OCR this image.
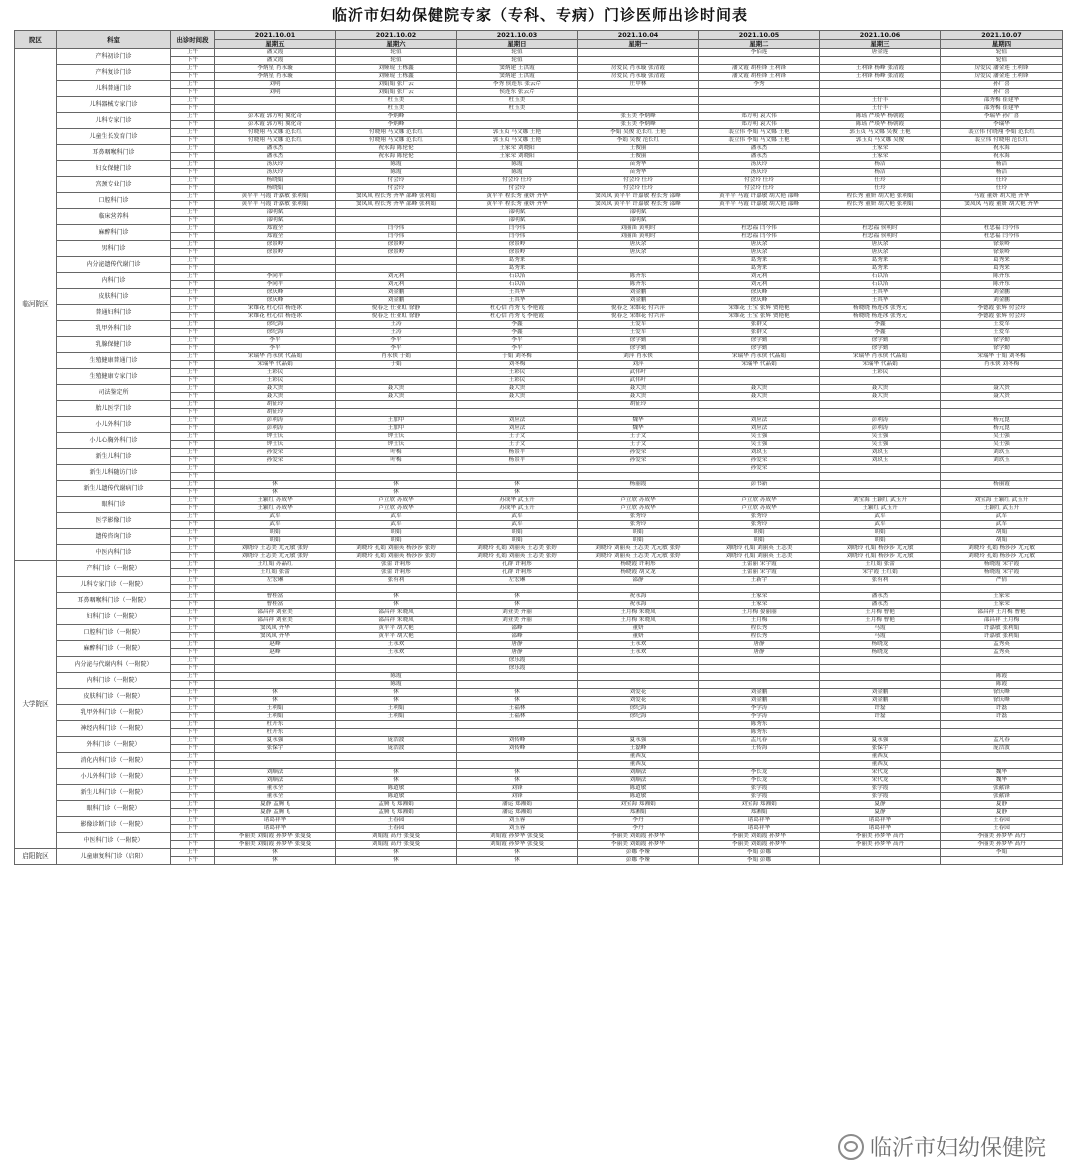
临沂市妇幼保健院专家（专科、专病）门诊医师出诊时间表
院区	科室	出诊时间段	2021.10.01	2021.10.02	2021.10.03	2021.10.04	2021.10.05	2021.10.06	2021.10.07
			星期五	星期六	星期日	星期一	星期二	星期三	星期四
临河院区	产科初诊门诊	上午	潘文霞	轮值	轮值		李佰莲	唐金莲	轮值
		下午	潘文霞	轮值	轮值				轮值
	产科复诊门诊	上午	李炳星 肖永璇	刘娅琨 王栋鑫	窦炳建 王洪霞	房爱民 肖永璇 张清霞	潘文霞 胡桂锋 王利锋	王利锋 杨峰 张清霞	房爱民 潘金莲 王利锋
		下午	李炳星 肖永璇	刘娅琨 王栋鑫	窦炳建 王洪霞	房爱民 肖永璇 张清霞	潘文霞 胡桂锋 王利锋	王利锋 杨峰 张清霞	房爱民 潘金莲 王利锋
	儿科普通门诊	上午	刘明	刘娟娟 张广云	李秀 侯连东 张云芹	庄甲林	李秀		孙广喜
		下午	刘明	刘娟娟 张广云	侯连东 张云芹				孙广喜
	儿科器械专家门诊	上午		杜玉美	杜玉美			王仔丰	邵秀梅 崔建华
		下午		杜玉美	杜玉美			王仔丰	邵秀梅 崔建华
	儿科专家门诊	上午	彭术霞 郭方明 冀化奇	李炳峰		张玉美 李炳峰	郑方明 袁大伟	陈瑶 严琰华 杨朝霞	李瑞华 孙广喜
		下午	彭术霞 郭方明 冀化奇	李炳峰		张玉美 李炳峰	郑方明 袁大伟	陈瑶 严琰华 杨朝霞	李瑞华
	儿童生长发育门诊	上午	付晓翔 马文娜 范长红	付晓翔 马文娜 范长红	郭玉贞 马文娜 王艳	李娟 吴俊 范长红 王艳	裴立伟 李娟 马文娜 王艳	郭玉贞 马文娜 吴俊 王艳	裴立伟 付晓翔 李娟 范长红
		下午	付晓翔 马文娜 范长红	付晓翔 马文娜 范长红	郭玉贞 马文娜 王艳	李娟 吴俊 范长红	裴立伟 李娟 马文娜 王艳	郭玉贞 马文娜 吴俊	裴立伟 付晓翔 范长红
	耳鼻咽喉科门诊	上午	潘永杰	祝永海 陈伦伦	王家荣 刘晓阳	王俊丽	潘永杰	王家荣	祝永海
		下午	潘永杰	祝永海 陈伦伦	王家荣 刘晓阳	王俊丽	潘永杰	王家荣	祝永海
	妇女保健门诊	上午	汤庆玲	陈霞	陈霞	苗秀华	汤庆玲	杨洁	杨洁
		下午	汤庆玲	陈霞	陈霞	苗秀华	汤庆玲	杨洁	杨洁
	宫颈专业门诊	上午	杨晓娟	付会玲	付会玲 任玲	付会玲 任玲	付会玲 任玲	任玲	任玲
		下午	杨晓娟	付会玲	付会玲	付会玲 任玲	付会玲 任玲	任玲	任玲
	口腔科门诊	上午	黄平平 马霞 许嘉敏 张利娟	窦凤凤 程长秀 齐华 邵峰 张利娟	黄平平 程长秀 董妍 齐华	窦凤凤 黄平平 许嘉敏 程长秀 邵峰	黄平平 马霞 许嘉敏 胡大艳 邵峰	程长秀 董妍 胡大艳 张利娟	马霞 董妍 胡大艳 齐华
		下午	黄平平 马霞 许嘉敏 张利娟	窦凤凤 程长秀 齐华 邵峰 张利娟	黄平平 程长秀 董妍 齐华	窦凤凤 黄平平 许嘉敏 程长秀 邵峰	黄平平 马霞 许嘉敏 胡大艳 邵峰	程长秀 董妍 胡大艳 张利娟	窦凤凤 马霞 董妍 胡大艳 齐华
	临床营养科	上午	邵明斌		邵明斌	邵明斌			
		下午	邵明斌		邵明斌	邵明斌			
	麻醉科门诊	上午	郑霞全	闫今伟	闫今伟	刘丽笛 黄明时	杜忠福 闫今伟	杜忠福 侯明时	杜忠福 闫今伟
		下午	郑霞全	闫今伟	闫今伟	刘丽笛 黄明时	杜忠福 闫今伟	杜忠福 侯明时	杜忠福 闫今伟
	男科门诊	上午	徐景岭	徐景岭	徐景岭	唐庆余	唐庆余	唐庆余	徐景岭
		下午	徐景岭	徐景岭	徐景岭	唐庆余	唐庆余	唐庆余	徐景岭
	内分泌遗传代谢门诊	上午			葛秀来		葛秀来	葛秀来	葛秀来
		下午			葛秀来		葛秀来	葛秀来	葛秀来
	内科门诊	上午	李同平	刘元利	石以箔	陈齐东	刘元利	石以箔	陈齐东
		下午	李同平	刘元利	石以箔	陈齐东	刘元利	石以箔	陈齐东
	皮肤科门诊	上午	徐庆峰	刘金鹏	王其华	刘金鹏	徐庆峰	王其华	刘金鹏
		下午	徐庆峰	刘金鹏	王其华	刘金鹏	徐庆峰	王其华	刘金鹏
	普通妇科门诊	上午	宋维花 杜心信 杨连冰	倪春芝 任亚虹 徐静	杜心信 肖秀飞 李艳霞	倪春芝 宋维花 付兴萍	宋维花 王宝 张辉 贾艳艳	杨晓晓 杨连冰 张秀元	李德霞 张辉 付会玲
		下午	宋维花 杜心信 杨连冰	倪春芝 任亚虹 徐静	杜心信 肖秀飞 李艳霞	倪春芝 宋维花 付兴萍	宋维花 王宝 张辉 贾艳艳	杨晓晓 杨连冰 张秀元	李德霞 张辉 付会玲
	乳甲外科门诊	上午	徐纪海	王涛	李鑫	王爱军	张群文	李鑫	王爱军
		下午	徐纪海	王涛	李鑫	王爱军	张群文	李鑫	王爱军
	乳腺保健门诊	上午	李平	李平	李平	徐学勤	徐学勤	徐学勤	徐学勤
		下午	李平	李平	李平	徐学勤	徐学勤	徐学勤	徐学勤
	生殖健康普通门诊	上午	宋瑞华 肖永侠 代晶娟	肖永侠 于娟	于娟 刘冬梅	刘萍 肖永侠	宋瑞华 肖永侠 代晶娟	宋瑞华 肖永侠 代晶娟	宋瑞华 于娟 刘冬梅
		下午	宋瑞华 代晶娟	于娟	刘冬梅	刘萍	宋瑞华 代晶娟	宋瑞华 代晶娟	肖永侠 刘冬梅
	生殖健康专家门诊	上午	王彩民		王彩民	武伟叶		王彩民	
		下午	王彩民		王彩民	武伟叶			
	司法鉴定所	上午	聂大贵	聂大贵	聂大贵	聂大贵	聂大贵	聂大贵	聂大贵
		下午	聂大贵	聂大贵	聂大贵	聂大贵	聂大贵	聂大贵	聂大贵
	胎儿医学门诊	上午	胡征玲			胡征玲			
		下午	胡征玲						
	小儿外科门诊	上午	彭利涛	王加甲	刘应法	魏华	刘应法	彭利涛	杨元崑
		下午	彭利涛	王加甲	刘应法	魏华	刘应法	彭利涛	杨元崑
	小儿心胸外科门诊	上午	钟士庆	钟士庆	王子文	王子文	吴士强	吴士强	吴士强
		下午	钟士庆	钟士庆	王子文	王子文	吴士强	吴士强	吴士强
	新生儿科门诊	上午	孙爱荣	叶梅	杨景平	孙爱荣	刘玖玉	刘玖玉	刘玖玉
		下午	孙爱荣	叶梅	杨景平	孙爱荣	孙爱荣	刘玖玉	刘玖玉
	新生儿科随访门诊	上午					孙爱荣		
		下午							
	新生儿遗传代谢病门诊	上午	休	休	休	杨丽霞	彭书新		杨丽霞
		下午	休	休	休				
	眼科门诊	上午	王颖红 苏成华	卢立欣 苏成华	苏成华 武玉升	卢立欣 苏成华	卢立欣 苏成华	刘宝海 王颖红 武玉升	刘宝海 王颖红 武玉升
		下午	王颖红 苏成华	卢立欣 苏成华	苏成华 武玉升	卢立欣 苏成华	卢立欣 苏成华	王颖红 武玉升	王颖红 武玉升
	医学影像门诊	上午	武军	武军	武军	张秀玲	张秀玲	武军	武军
		下午	武军	武军	武军	张秀玲	张秀玲	武军	武军
	遗传咨询门诊	上午	胡娟	胡娟	胡娟	胡娟	胡娟	胡娟	胡娟
		下午	胡娟	胡娟	胡娟	胡娟	胡娟	胡娟	胡娟
	中医内科门诊	上午	刘晓玲 王志美 尤元敏 张婷	刘晓玲 孔娟 刘丽英 杨莎莎 张婷	刘晓玲 孔娟 刘丽英 王志美 张婷	刘晓玲 刘丽英 王志美 尤元敏 张婷	刘晓玲 孔娟 刘丽英 王志美	刘晓玲 孔娟 杨莎莎 尤元敏	刘晓玲 孔娟 杨莎莎 尤元敏
		下午	刘晓玲 王志美 尤元敏 张婷	刘晓玲 孔娟 刘丽英 杨莎莎 张婷	刘晓玲 孔娟 刘丽英 王志美 张婷	刘晓玲 刘丽英 王志美 尤元敏 张婷	刘晓玲 孔娟 刘丽英 王志美	刘晓玲 孔娟 杨莎莎 尤元敏	刘晓玲 孔娟 杨莎莎 尤元敏
大学院区	产科门诊（一附院）	上午	王红娟 苏晶红	张蕾 许莉彤	孔群 许莉彤	杨晓霞 许莉彤	王蕾丽 宋宇霞	王红娟 张蕾	杨晓霞 宋宇霞
		下午	王红娟 张蕾	张蕾 许莉彤	孔群 许莉彤	杨晓霞 胡文龙	王蕾丽 宋宇霞	宋宇霞 王红娟	杨晓霞 宋宇霞
	儿科专家门诊（一附院）	上午	左宏琳	张有利	左宏琳	邵静	王新宇	张有利	严倩
		下午							
	耳鼻咽喉科门诊（一附院）	上午	曹桂富	休	休	祝永海	王家荣	潘永杰	王家荣
		下午	曹桂富	休	休	祝永海	王家荣	潘永杰	王家荣
	妇科门诊（一附院）	上午	邵昌祥 刘亚美	邵昌祥 朱晓凤	刘亚美 齐丽	王月梅 朱晓凤	王月梅 晏丽丽	王月梅 曹艳	邵昌祥 王月梅 曹艳
		下午	邵昌祥 刘亚美	邵昌祥 朱晓凤	刘亚美 齐丽	王月梅 朱晓凤	王月梅	王月梅 曹艳	邵昌祥 王月梅
	口腔科门诊（一附院）	上午	窦凤凤 齐华	黄平平 胡大艳	邵峰	董妍	程长秀	马霞	许嘉敏 张利娟
		下午	窦凤凤 齐华	黄平平 胡大艳	邵峰	董妍	程长秀	马霞	许嘉敏 张利娟
	麻醉科门诊（一附院）	上午	赵峰	王永欢	唐静	王永欢	唐静	杨晓龙	孟秀英
		下午	赵峰	王永欢	唐静	王永欢	唐静	杨晓龙	孟秀英
	内分泌与代谢内科（一附院）	上午			徐乐霞				
		下午			徐乐霞				
	内科门诊（一附院）	上午		陈霞					陈霞
		下午		陈霞					陈霞
	皮肤科门诊（一附院）	上午	休	休	休	刘爱花	刘金鹏	刘金鹏	徐庆峰
		下午	休	休	休	刘爱花	刘金鹏	刘金鹏	徐庆峰
	乳甲外科门诊（一附院）	上午	王利娟	王利娟	王福林	徐纪海	李学涛	许磊	许磊
		下午	王利娟	王利娟	王福林	徐纪海	李学涛	许磊	许磊
	神经内科门诊（一附院）	上午	杜开东				陈秀东		
		下午	杜开东				陈秀东		
	外科门诊（一附院）	上午	夏永强	庞浩波	刘传峰	夏永强	孟凡春	夏永强	孟凡春
		下午	张保宇	庞浩波	刘传峰	王磊峰	王传海	张保宇	庞浩波
	消化内科门诊（一附院）	上午				董西友		董西友	
		下午				董西友		董西友	
	小儿外科门诊（一附院）	上午	刘顺法	休	休	刘顺法	李长龙	宋代龙	魏华
		下午	刘顺法	休	休	刘顺法	李长龙	宋代龙	魏华
	新生儿科门诊（一附院）	上午	董永全	陈道敏	刘锋	陈道敏	张学霞	张学霞	张献锋
		下午	董永全	陈道敏	刘锋	陈道敏	张学霞	张学霞	张献锋
	眼科门诊（一附院）	上午	夏静 孟腾飞	孟腾飞 郑湘娟	潘运 郑湘娟	刘宝海 郑湘娟	刘宝海 郑湘娟	夏静	夏静
		下午	夏静 孟腾飞	孟腾飞 郑湘娟	潘运 郑湘娟	郑湘娟	郑湘娟	夏静	夏静
	影像诊断门诊（一附院）	上午	诸葛祥华	王春园	刘玉蓉	李丹	诸葛祥华	诸葛祥华	王春园
		下午	诸葛祥华	王春园	刘玉蓉	李丹	诸葛祥华	诸葛祥华	王春园
	中医科门诊（一附院）	上午	李丽美 刘娟霞 孙梦华 张曼曼	刘娟霞 高丹 张曼曼	刘娟霞 孙梦华 张曼曼	李丽美 刘娟霞 孙梦华	李丽美 刘娟霞 孙梦华	李丽美 孙梦华 高丹	李丽美 孙梦华 高丹
		下午	李丽美 刘娟霞 孙梦华 张曼曼	刘娟霞 高丹 张曼曼	刘娟霞 孙梦华 张曼曼	李丽美 刘娟霞 孙梦华	李丽美 刘娟霞 孙梦华	李丽美 孙梦华 高丹	李丽美 孙梦华 高丹
启阳院区	儿童康复科门诊（启阳）	上午	休	休	休	彭娜 李娅	李娟 彭娜		李娟
		下午	休	休	休	彭娜 李娅	李娟 彭娜		
临沂市妇幼保健院
